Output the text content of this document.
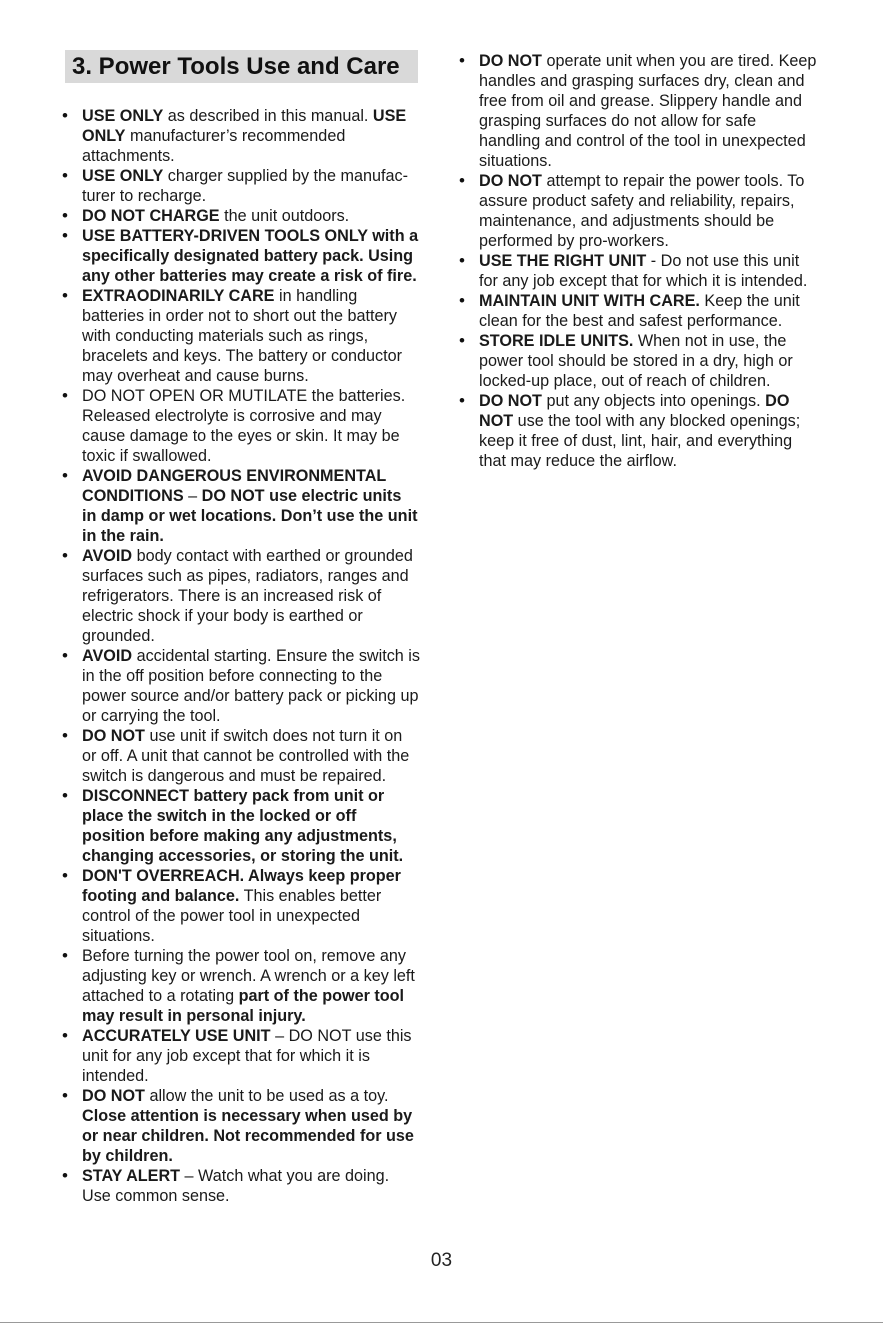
3. Power Tools Use and Care
• USE ONLY as described in this manual. USE ONLY manufacturer’s recommended attachments.
• USE ONLY charger supplied by the manufac-turer to recharge.
• DO NOT CHARGE the unit outdoors.
• USE BATTERY-DRIVEN TOOLS ONLY with a specifically designated battery pack. Using any other batteries may create a risk of fire.
• EXTRAODINARILY CARE in handling batteries in order not to short out the battery with conducting materials such as rings, bracelets and keys. The battery or conductor may overheat and cause burns.
• DO NOT OPEN OR MUTILATE the batteries. Released electrolyte is corrosive and may cause damage to the eyes or skin. It may be toxic if swallowed.
• AVOID DANGEROUS ENVIRONMENTAL CONDITIONS – DO NOT use electric units in damp or wet locations. Don’t use the unit in the rain.
• AVOID body contact with earthed or grounded surfaces such as pipes, radiators, ranges and refrigerators. There is an increased risk of electric shock if your body is earthed or grounded.
• AVOID accidental starting. Ensure the switch is in the off position before connecting to the power source and/or battery pack or picking up or carrying the tool.
• DO NOT use unit if switch does not turn it on or off. A unit that cannot be controlled with the switch is dangerous and must be repaired.
• DISCONNECT battery pack from unit or place the switch in the locked or off position before making any adjustments, changing accessories, or storing the unit.
• DON'T OVERREACH. Always keep proper footing and balance. This enables better control of the power tool in unexpected situations.
• Before turning the power tool on, remove any adjusting key or wrench. A wrench or a key left attached to a rotating part of the power tool may result in personal injury.
• ACCURATELY USE UNIT – DO NOT use this unit for any job except that for which it is intended.
• DO NOT allow the unit to be used as a toy. Close attention is necessary when used by or near children. Not recommended for use by children.
• STAY ALERT – Watch what you are doing. Use common sense.
• DO NOT operate unit when you are tired. Keep handles and grasping surfaces dry, clean and free from oil and grease. Slippery handle and grasping surfaces do not allow for safe handling and control of the tool in unexpected situations.
• DO NOT attempt to repair the power tools. To assure product safety and reliability, repairs, maintenance, and adjustments should be performed by pro-workers.
• USE THE RIGHT UNIT - Do not use this unit for any job except that for which it is intended.
• MAINTAIN UNIT WITH CARE. Keep the unit clean for the best and safest performance.
• STORE IDLE UNITS. When not in use, the power tool should be stored in a dry, high or locked-up place, out of reach of children.
• DO NOT put any objects into openings. DO NOT use the tool with any blocked openings; keep it free of dust, lint, hair, and everything that may reduce the airflow.
03
